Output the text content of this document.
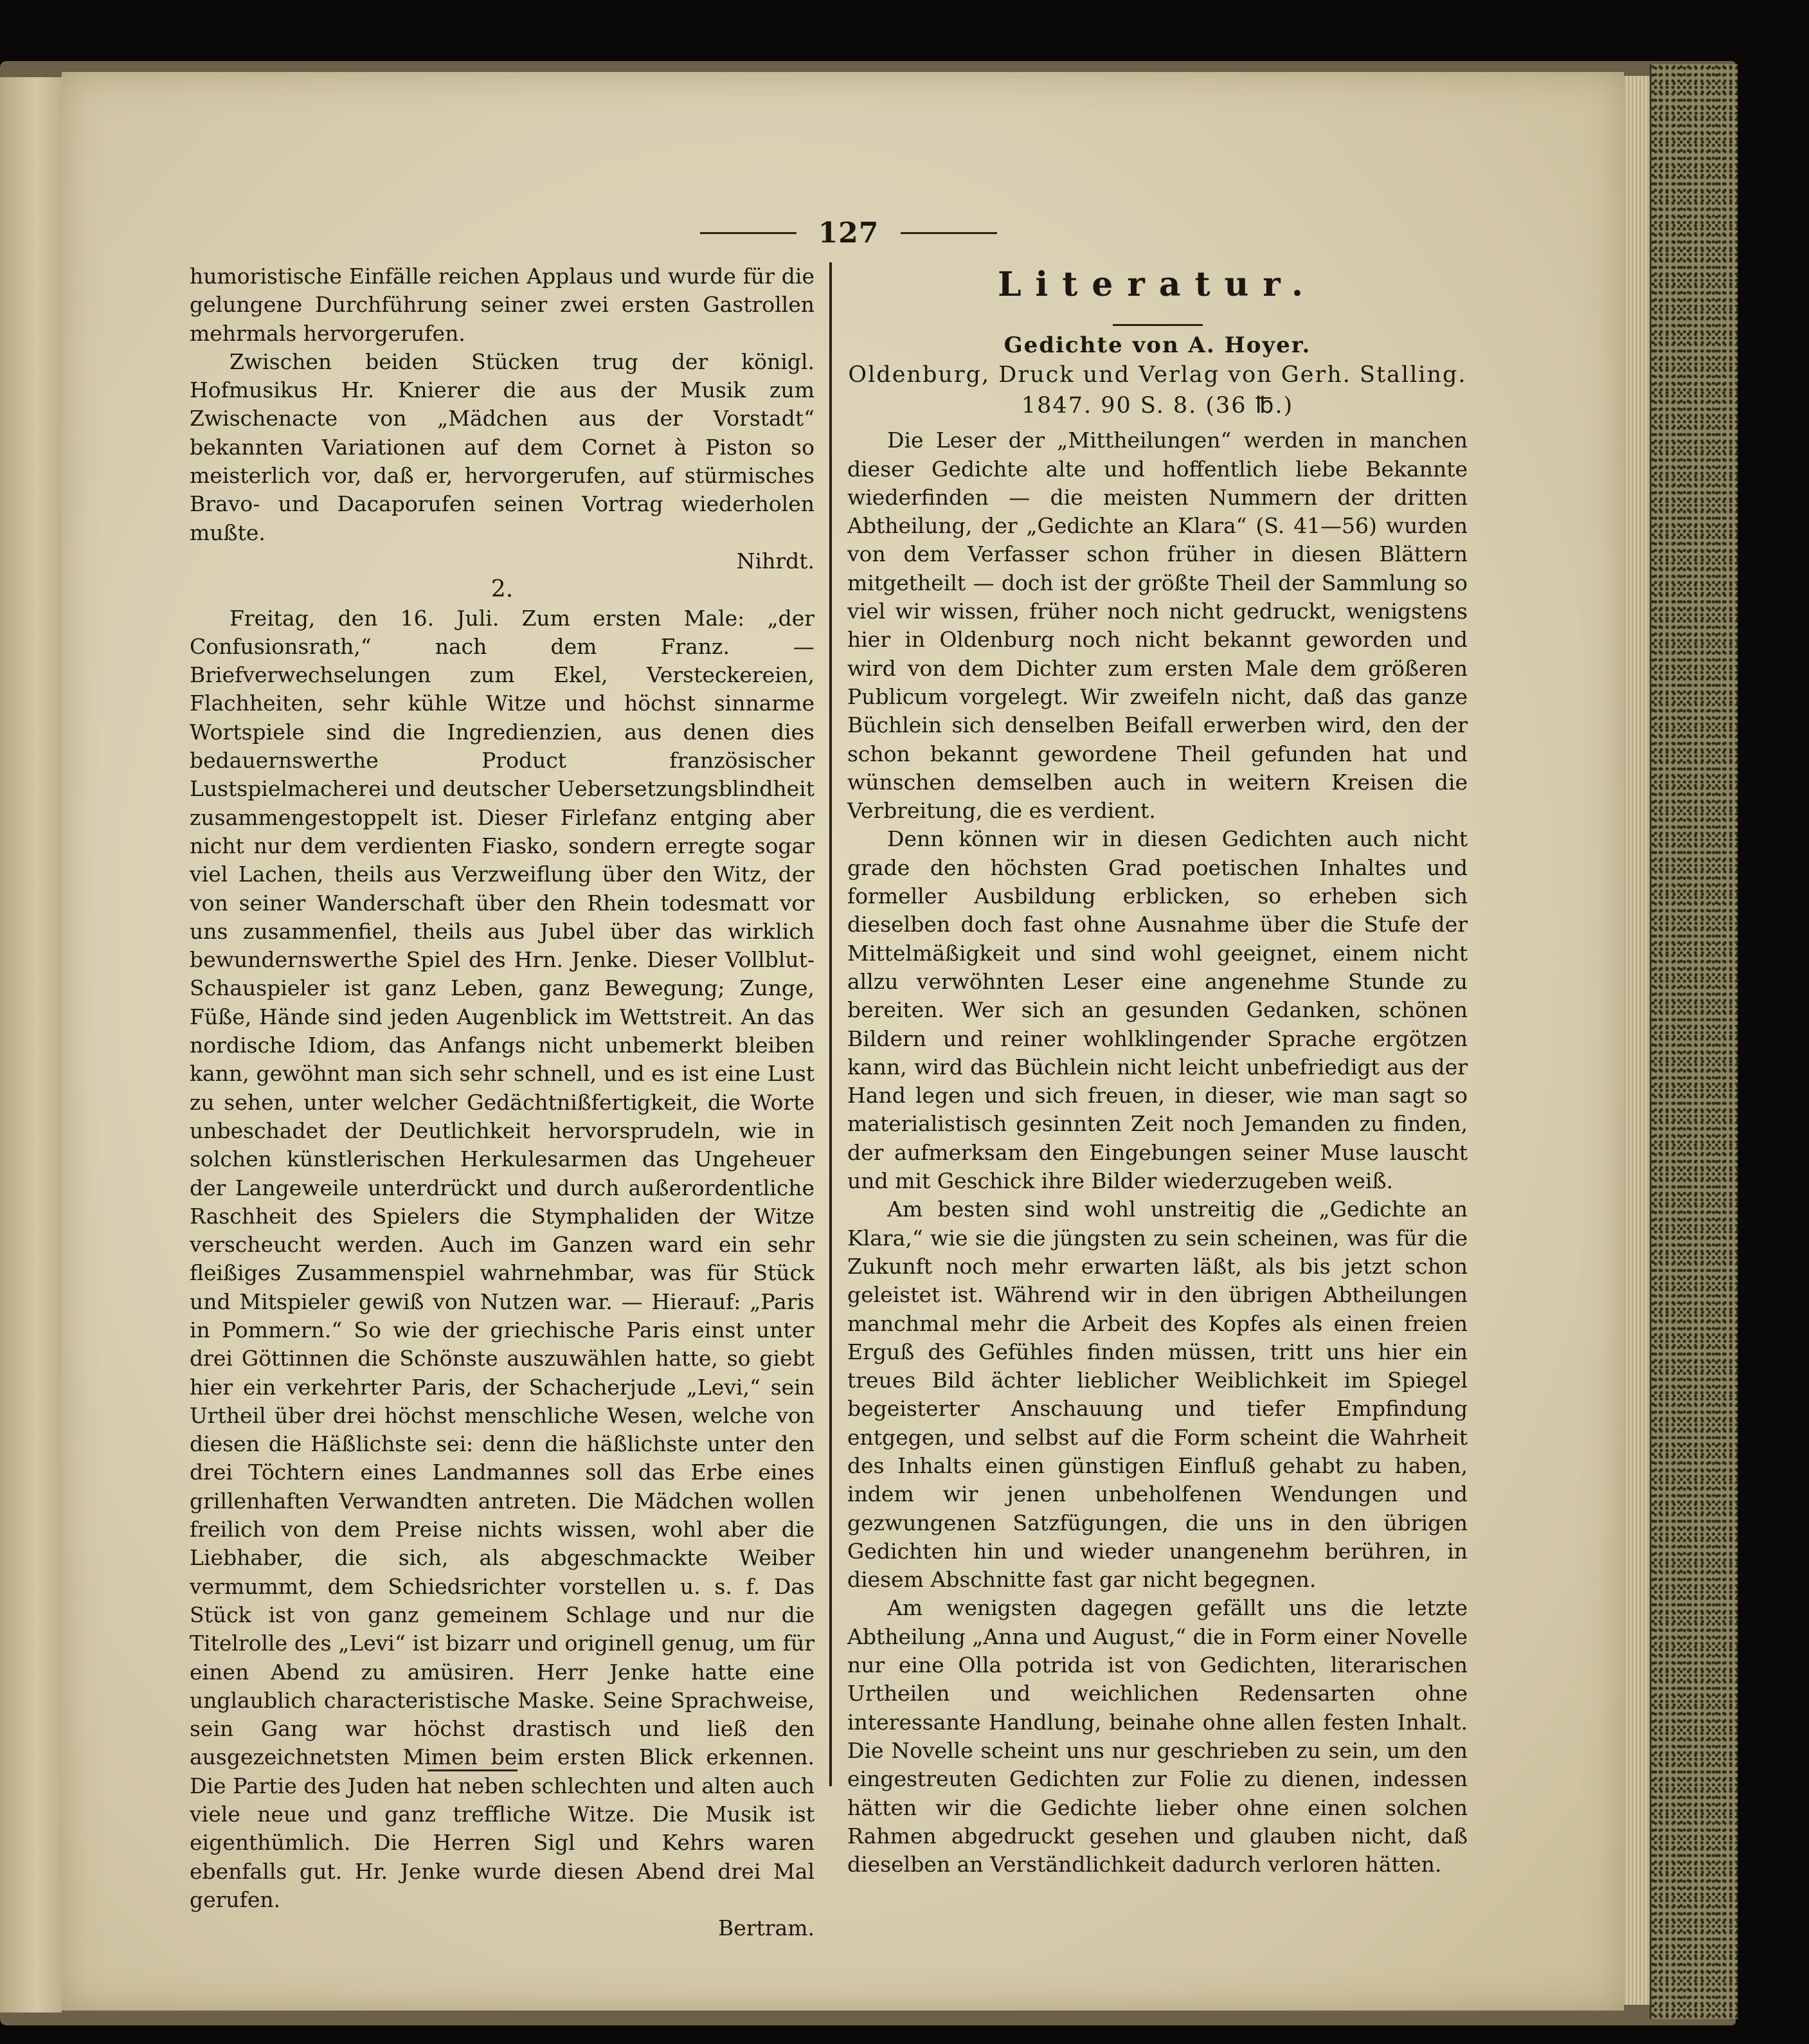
127

humoristische Einfälle reichen Applaus und wurde für die gelungene Durchführung seiner zwei ersten Gastrollen mehrmals hervorgerufen.

Zwischen beiden Stücken trug der königl. Hofmusikus Hr. Knierer die aus der Musik zum Zwischenacte von „Mädchen aus der Vorstadt“ bekannten Variationen auf dem Cornet à Piston so meisterlich vor, daß er, hervorgerufen, auf stürmisches Bravo- und Dacaporufen seinen Vortrag wiederholen mußte.

Nihrdt.

2.

Freitag, den 16. Juli. Zum ersten Male: „der Confusionsrath,“ nach dem Franz. — Briefverwechselungen zum Ekel, Versteckereien, Flachheiten, sehr kühle Witze und höchst sinnarme Wortspiele sind die Ingredienzien, aus denen dies bedauernswerthe Product französischer Lustspielmacherei und deutscher Uebersetzungsblindheit zusammengestoppelt ist. Dieser Firlefanz entging aber nicht nur dem verdienten Fiasko, sondern erregte sogar viel Lachen, theils aus Verzweiflung über den Witz, der von seiner Wanderschaft über den Rhein todesmatt vor uns zusammenfiel, theils aus Jubel über das wirklich bewundernswerthe Spiel des Hrn. Jenke. Dieser Vollblut-Schauspieler ist ganz Leben, ganz Bewegung; Zunge, Füße, Hände sind jeden Augenblick im Wettstreit. An das nordische Idiom, das Anfangs nicht unbemerkt bleiben kann, gewöhnt man sich sehr schnell, und es ist eine Lust zu sehen, unter welcher Gedächtnißfertigkeit, die Worte unbeschadet der Deutlichkeit hervorsprudeln, wie in solchen künstlerischen Herkulesarmen das Ungeheuer der Langeweile unterdrückt und durch außerordentliche Raschheit des Spielers die Stymphaliden der Witze verscheucht werden. Auch im Ganzen ward ein sehr fleißiges Zusammenspiel wahrnehmbar, was für Stück und Mitspieler gewiß von Nutzen war. — Hierauf: „Paris in Pommern.“ So wie der griechische Paris einst unter drei Göttinnen die Schönste auszuwählen hatte, so giebt hier ein verkehrter Paris, der Schacherjude „Levi,“ sein Urtheil über drei höchst menschliche Wesen, welche von diesen die Häßlichste sei: denn die häßlichste unter den drei Töchtern eines Landmannes soll das Erbe eines grillenhaften Verwandten antreten. Die Mädchen wollen freilich von dem Preise nichts wissen, wohl aber die Liebhaber, die sich, als abgeschmackte Weiber vermummt, dem Schiedsrichter vorstellen u. s. f. Das Stück ist von ganz gemeinem Schlage und nur die Titelrolle des „Levi“ ist bizarr und originell genug, um für einen Abend zu amüsiren. Herr Jenke hatte eine unglaublich characteristische Maske. Seine Sprachweise, sein Gang war höchst drastisch und ließ den ausgezeichnetsten Mimen beim ersten Blick erkennen. Die Partie des Juden hat neben schlechten und alten auch viele neue und ganz treffliche Witze. Die Musik ist eigenthümlich. Die Herren Sigl und Kehrs waren ebenfalls gut. Hr. Jenke wurde diesen Abend drei Mal gerufen.

Bertram.

Literatur.

Gedichte von A. Hoyer.

Oldenburg, Druck und Verlag von Gerh. Stalling.

1847. 90 S. 8. (36 ℔.)

Die Leser der „Mittheilungen“ werden in manchen dieser Gedichte alte und hoffentlich liebe Bekannte wiederfinden — die meisten Nummern der dritten Abtheilung, der „Gedichte an Klara“ (S. 41—56) wurden von dem Verfasser schon früher in diesen Blättern mitgetheilt — doch ist der größte Theil der Sammlung so viel wir wissen, früher noch nicht gedruckt, wenigstens hier in Oldenburg noch nicht bekannt geworden und wird von dem Dichter zum ersten Male dem größeren Publicum vorgelegt. Wir zweifeln nicht, daß das ganze Büchlein sich denselben Beifall erwerben wird, den der schon bekannt gewordene Theil gefunden hat und wünschen demselben auch in weitern Kreisen die Verbreitung, die es verdient.

Denn können wir in diesen Gedichten auch nicht grade den höchsten Grad poetischen Inhaltes und formeller Ausbildung erblicken, so erheben sich dieselben doch fast ohne Ausnahme über die Stufe der Mittelmäßigkeit und sind wohl geeignet, einem nicht allzu verwöhnten Leser eine angenehme Stunde zu bereiten. Wer sich an gesunden Gedanken, schönen Bildern und reiner wohlklingender Sprache ergötzen kann, wird das Büchlein nicht leicht unbefriedigt aus der Hand legen und sich freuen, in dieser, wie man sagt so materialistisch gesinnten Zeit noch Jemanden zu finden, der aufmerksam den Eingebungen seiner Muse lauscht und mit Geschick ihre Bilder wiederzugeben weiß.

Am besten sind wohl unstreitig die „Gedichte an Klara,“ wie sie die jüngsten zu sein scheinen, was für die Zukunft noch mehr erwarten läßt, als bis jetzt schon geleistet ist. Während wir in den übrigen Abtheilungen manchmal mehr die Arbeit des Kopfes als einen freien Erguß des Gefühles finden müssen, tritt uns hier ein treues Bild ächter lieblicher Weiblichkeit im Spiegel begeisterter Anschauung und tiefer Empfindung entgegen, und selbst auf die Form scheint die Wahrheit des Inhalts einen günstigen Einfluß gehabt zu haben, indem wir jenen unbeholfenen Wendungen und gezwungenen Satzfügungen, die uns in den übrigen Gedichten hin und wieder unangenehm berühren, in diesem Abschnitte fast gar nicht begegnen.

Am wenigsten dagegen gefällt uns die letzte Abtheilung „Anna und August,“ die in Form einer Novelle nur eine Olla potrida ist von Gedichten, literarischen Urtheilen und weichlichen Redensarten ohne interessante Handlung, beinahe ohne allen festen Inhalt. Die Novelle scheint uns nur geschrieben zu sein, um den eingestreuten Gedichten zur Folie zu dienen, indessen hätten wir die Gedichte lieber ohne einen solchen Rahmen abgedruckt gesehen und glauben nicht, daß dieselben an Verständlichkeit dadurch verloren hätten.
